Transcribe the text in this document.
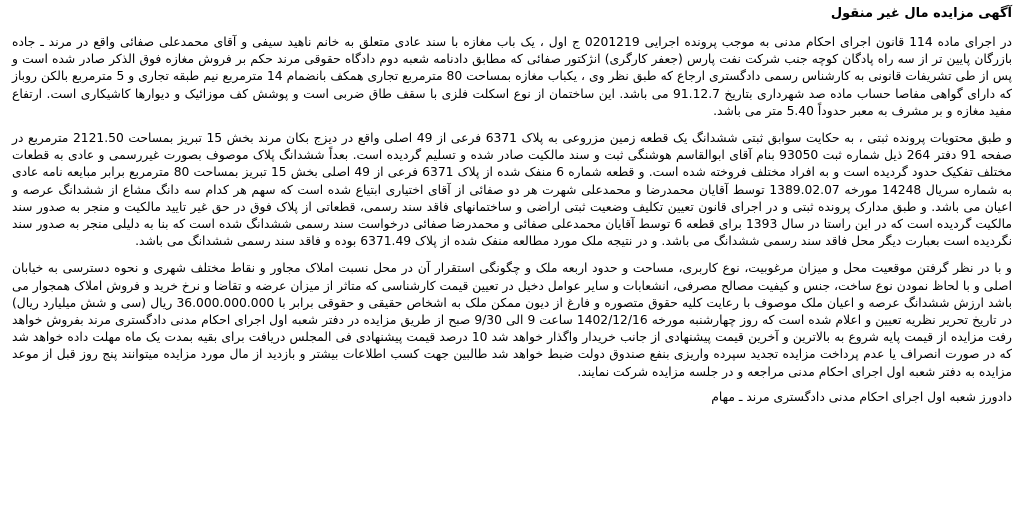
آگهی مزایده مال غیر منقول

در اجرای ماده 114 قانون اجرای احکام مدنی به موجب پرونده اجرایی 0201219 ج اول ، یک باب مغازه با سند عادی متعلق به خانم ناهید سیفی و آقای محمدعلی صفائی واقع در مرند ـ جاده بازرگان پایین تر از سه راه پادگان کوچه جنب شرکت نفت پارس (جعفر کارگری) انژکتور صفائی که مطابق دادنامه شعبه دوم دادگاه حقوقی مرند حکم بر فروش مغازه فوق الذکر صادر شده است و پس از طی تشریفات قانونی به کارشناس رسمی دادگستری ارجاع که طبق نظر وی ، یکباب مغازه بمساحت 80 مترمربع تجاری همکف بانضمام 14 مترمربع نیم طبقه تجاری و 5 مترمربع بالکن روباز که دارای گواهی مفاصا حساب ماده صد شهرداری بتاریخ 91.12.7 می باشد. این ساختمان از نوع اسکلت فلزی با سقف طاق ضربی است و پوشش کف موزائیک و دیوارها کاشیکاری است. ارتفاع مفید مغازه و بر مشرف به معبر حدوداً 5.40 متر می باشد.

و طبق محتویات پرونده ثبتی ، به حکایت سوابق ثبتی ششدانگ یک قطعه زمین مزروعی به پلاک 6371 فرعی از 49 اصلی واقع در دیزج بکان مرند بخش 15 تبریز بمساحت 2121.50 مترمربع در صفحه 91 دفتر 264 ذیل شماره ثبت 93050 بنام آقای ابوالقاسم هوشنگی ثبت و سند مالکیت صادر شده و تسلیم گردیده است. بعداً ششدانگ پلاک موصوف بصورت غیررسمی و عادی به قطعات مختلف تفکیک حدود گردیده است و به افراد مختلف فروخته شده است. و قطعه شماره 6 منفک شده از پلاک 6371 فرعی از 49 اصلی بخش 15 تبریز بمساحت 80 مترمربع برابر مبایعه نامه عادی به شماره سریال 14248 مورخه 1389.02.07 توسط آقایان محمدرضا و محمدعلی شهرت هر دو صفائی از آقای اختیاری ابتیاع شده است که سهم هر کدام سه دانگ مشاع از ششدانگ عرصه و اعیان می باشد. و طبق مدارک پرونده ثبتی و در اجرای قانون تعیین تکلیف وضعیت ثبتی اراضی و ساختمانهای فاقد سند رسمی، قطعاتی از پلاک فوق در حق غیر تایید مالکیت و منجر به صدور سند مالکیت گردیده است که در این راستا در سال 1393 برای قطعه 6 توسط آقایان محمدعلی صفائی و محمدرضا صفائی درخواست سند رسمی ششدانگ شده است که بنا به دلیلی منجر به صدور سند نگردیده است بعبارت دیگر محل فاقد سند رسمی ششدانگ می باشد. و در نتیجه ملک مورد مطالعه منفک شده از پلاک 6371.49 بوده و فاقد سند رسمی ششدانگ می باشد.

و با در نظر گرفتن موقعیت محل و میزان مرغوبیت، نوع کاربری، مساحت و حدود اربعه ملک و چگونگی استقرار آن در محل نسبت املاک مجاور و نقاط مختلف شهری و نحوه دسترسی به خیابان اصلی و با لحاظ نمودن نوع ساخت، جنس و کیفیت مصالح مصرفی، انشعابات و سایر عوامل دخیل در تعیین قیمت کارشناسی که متاثر از میزان عرضه و تقاضا و نرخ خرید و فروش املاک همجوار می باشد ارزش ششدانگ عرصه و اعیان ملک موصوف با رعایت کلیه حقوق متصوره و فارغ از دیون ممکن ملک به اشخاص حقیقی و حقوقی برابر با 36.000.000.000 ریال (سی و شش میلیارد ریال) در تاریخ تحریر نظریه تعیین و اعلام شده است که روز چهارشنبه مورخه 1402/12/16 ساعت 9 الی 9/30 صبح از طریق مزایده در دفتر شعبه اول اجرای احکام مدنی دادگستری مرند بفروش خواهد رفت مزایده از قیمت پایه شروع به بالاترین و آخرین قیمت پیشنهادی از جانب خریدار واگذار خواهد شد 10 درصد قیمت پیشنهادی فی المجلس دریافت برای بقیه بمدت یک ماه مهلت داده خواهد شد که در صورت انصراف یا عدم پرداخت مزایده تجدید سپرده واریزی بنفع صندوق دولت ضبط خواهد شد طالبین جهت کسب اطلاعات بیشتر و بازدید از مال مورد مزایده میتوانند پنج روز قبل از موعد مزایده به دفتر شعبه اول اجرای احکام مدنی مراجعه و در جلسه مزایده شرکت نمایند.

دادورز شعبه اول اجرای احکام مدنی دادگستری مرند ـ مهام
